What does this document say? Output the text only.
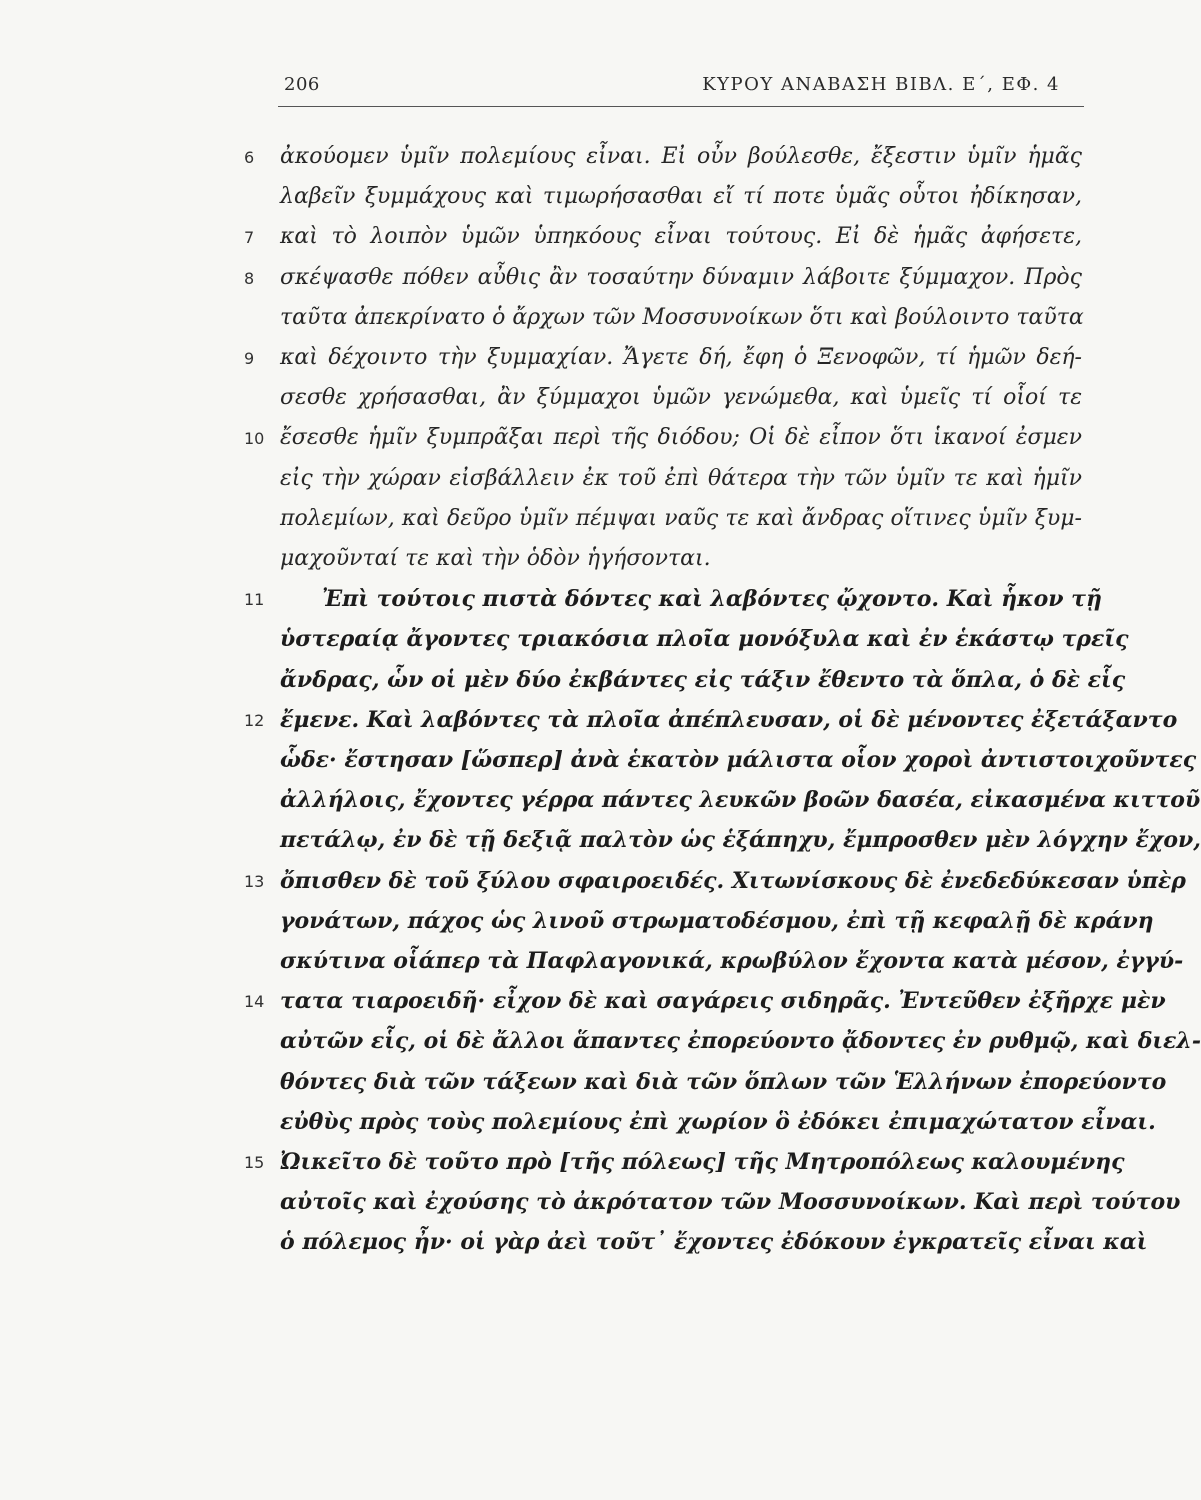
206	ΚΥΡΟΥ ΑΝΑΒΑΣΗ ΒΙΒΛ. Ε΄, ΕΦ. 4
6	ἀκούομεν ὑμῖν πολεμίους εἶναι. Εἰ οὖν βούλεσθε, ἔξεστιν ὑμῖν ἡμᾶς
λαβεῖν ξυμμάχους καὶ τιμωρήσασθαι εἴ τί ποτε ὑμᾶς οὗτοι ἠδίκησαν,
7	καὶ τὸ λοιπὸν ὑμῶν ὑπηκόους εἶναι τούτους. Εἰ δὲ ἡμᾶς ἀφήσετε,
8	σκέψασθε πόθεν αὖθις ἂν τοσαύτην δύναμιν λάβοιτε ξύμμαχον. Πρὸς
ταῦτα ἀπεκρίνατο ὁ ἄρχων τῶν Μοσσυνοίκων ὅτι καὶ βούλοιντο ταῦτα
9	καὶ δέχοιντο τὴν ξυμμαχίαν. Ἄγετε δή, ἔφη ὁ Ξενοφῶν, τί ἡμῶν δεή-
σεσθε χρήσασθαι, ἂν ξύμμαχοι ὑμῶν γενώμεθα, καὶ ὑμεῖς τί οἷοί τε
10 ἔσεσθε ἡμῖν ξυμπρᾶξαι περὶ τῆς διόδου; Οἱ δὲ εἶπον ὅτι ἱκανοί ἐσμεν
εἰς τὴν χώραν εἰσβάλλειν ἐκ τοῦ ἐπὶ θάτερα τὴν τῶν ὑμῖν τε καὶ ἡμῖν
πολεμίων, καὶ δεῦρο ὑμῖν πέμψαι ναῦς τε καὶ ἄνδρας οἵτινες ὑμῖν ξυμ-
μαχοῦνταί τε καὶ τὴν ὁδὸν ἡγήσονται.
11	Ἐπὶ τούτοις πιστὰ δόντες καὶ λαβόντες ᾤχοντο. Καὶ ἧκον τῇ
ὑστεραίᾳ ἄγοντες τριακόσια πλοῖα μονόξυλα καὶ ἐν ἑκάστῳ τρεῖς
ἄνδρας, ὧν οἱ μὲν δύο ἐκβάντες εἰς τάξιν ἔθεντο τὰ ὅπλα, ὁ δὲ εἷς
12 ἔμενε. Καὶ λαβόντες τὰ πλοῖα ἀπέπλευσαν, οἱ δὲ μένοντες ἐξετάξαντο
ὧδε· ἔστησαν [ὥσπερ] ἀνὰ ἑκατὸν μάλιστα οἷον χοροὶ ἀντιστοιχοῦντες
ἀλλήλοις, ἔχοντες γέρρα πάντες λευκῶν βοῶν δασέα, εἰκασμένα κιττοῦ
πετάλῳ, ἐν δὲ τῇ δεξιᾷ παλτὸν ὡς ἑξάπηχυ, ἔμπροσθεν μὲν λόγχην ἔχον,
13 ὄπισθεν δὲ τοῦ ξύλου σφαιροειδές. Χιτωνίσκους δὲ ἐνεδεδύκεσαν ὑπὲρ
γονάτων, πάχος ὡς λινοῦ στρωματοδέσμου, ἐπὶ τῇ κεφαλῇ δὲ κράνη
σκύτινα οἷάπερ τὰ Παφλαγονικά, κρωβύλον ἔχοντα κατὰ μέσον, ἐγγύ-
14 τατα τιαροειδῆ· εἶχον δὲ καὶ σαγάρεις σιδηρᾶς. Ἐντεῦθεν ἐξῆρχε μὲν
αὐτῶν εἷς, οἱ δὲ ἄλλοι ἅπαντες ἐπορεύοντο ᾄδοντες ἐν ρυθμῷ, καὶ διελ-
θόντες διὰ τῶν τάξεων καὶ διὰ τῶν ὅπλων τῶν Ἑλλήνων ἐπορεύοντο
εὐθὺς πρὸς τοὺς πολεμίους ἐπὶ χωρίον ὃ ἐδόκει ἐπιμαχώτατον εἶναι.
15 Ὠικεῖτο δὲ τοῦτο πρὸ [τῆς πόλεως] τῆς Μητροπόλεως καλουμένης
αὐτοῖς καὶ ἐχούσης τὸ ἀκρότατον τῶν Μοσσυνοίκων. Καὶ περὶ τούτου
ὁ πόλεμος ἦν· οἱ γὰρ ἀεὶ τοῦτ᾽ ἔχοντες ἐδόκουν ἐγκρατεῖς εἶναι καὶ
